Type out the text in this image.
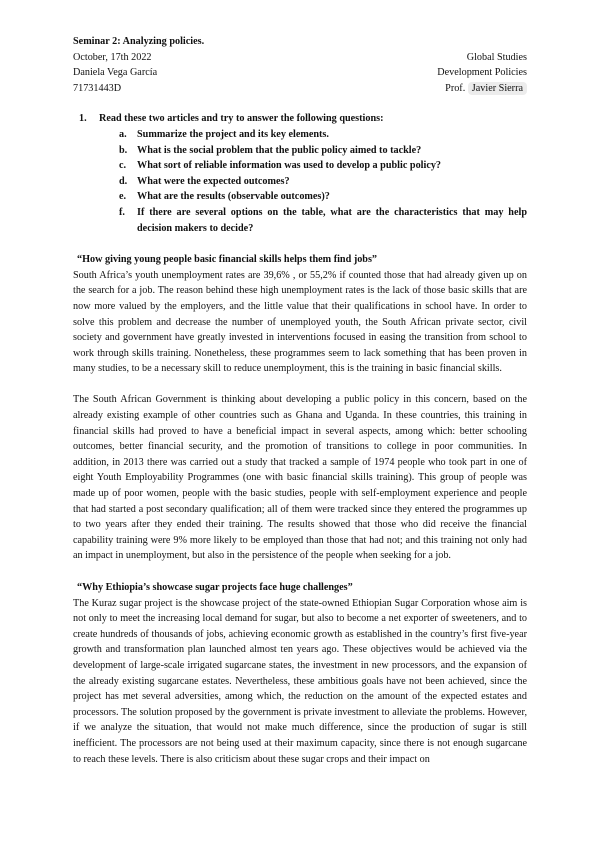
Seminar 2: Analyzing policies.
October, 17th 2022	Global Studies
Daniela Vega García	Development Policies
71731443D	Prof. Javier Sierra
1.	Read these two articles and try to answer the following questions:
a.	Summarize the project and its key elements.
b. What is the social problem that the public policy aimed to tackle?
c.	What sort of reliable information was used to develop a public policy?
d. What were the expected outcomes?
e.	What are the results (observable outcomes)?
f.	If there are several options on the table, what are the characteristics that may help decision makers to decide?
“How giving young people basic financial skills helps them find jobs”

South Africa’s youth unemployment rates are 39,6% , or 55,2% if counted those that had already given up on the search for a job. The reason behind these high unemployment rates is the lack of those basic skills that are now more valued by the employers, and the little value that their qualifications in school have. In order to solve this problem and decrease the number of unemployed youth, the South African private sector, civil society and government have greatly invested in interventions focused in easing the transition from school to work through skills training. Nonetheless, these programmes seem to lack something that has been proven in many studies, to be a necessary skill to reduce unemployment, this is the training in basic financial skills.

The South African Government is thinking about developing a public policy in this concern, based on the already existing example of other countries such as Ghana and Uganda. In these countries, this training in financial skills had proved to have a beneficial impact in several aspects, among which: better schooling outcomes, better financial security, and the promotion of transitions to college in poor communities. In addition, in 2013 there was carried out a study that tracked a sample of 1974 people who took part in one of eight Youth Employability Programmes (one with basic financial skills training). This group of people was made up of poor women, people with the basic studies, people with self-employment experience and people that had started a post secondary qualification; all of them were tracked since they entered the programmes up to two years after they ended their training. The results showed that those who did receive the financial capability training were 9% more likely to be employed than those that had not; and this training not only had an impact in unemployment, but also in the persistence of the people when seeking for a job.

“Why Ethiopia’s showcase sugar projects face huge challenges”

The Kuraz sugar project is the showcase project of the state-owned Ethiopian Sugar Corporation whose aim is not only to meet the increasing local demand for sugar, but also to become a net exporter of sweeteners, and to create hundreds of thousands of jobs, achieving economic growth as established in the country’s first five-year growth and transformation plan launched almost ten years ago. These objectives would be achieved via the development of large-scale irrigated sugarcane states, the investment in new processors, and the expansion of the already existing sugarcane estates. Nevertheless, these ambitious goals have not been achieved, since the project has met several adversities, among which, the reduction on the amount of the expected estates and processors. The solution proposed by the government is private investment to alleviate the problems. However, if we analyze the situation, that would not make much difference, since the production of sugar is still inefficient. The processors are not being used at their maximum capacity, since there is not enough sugarcane to reach these levels. There is also criticism about these sugar crops and their impact on
